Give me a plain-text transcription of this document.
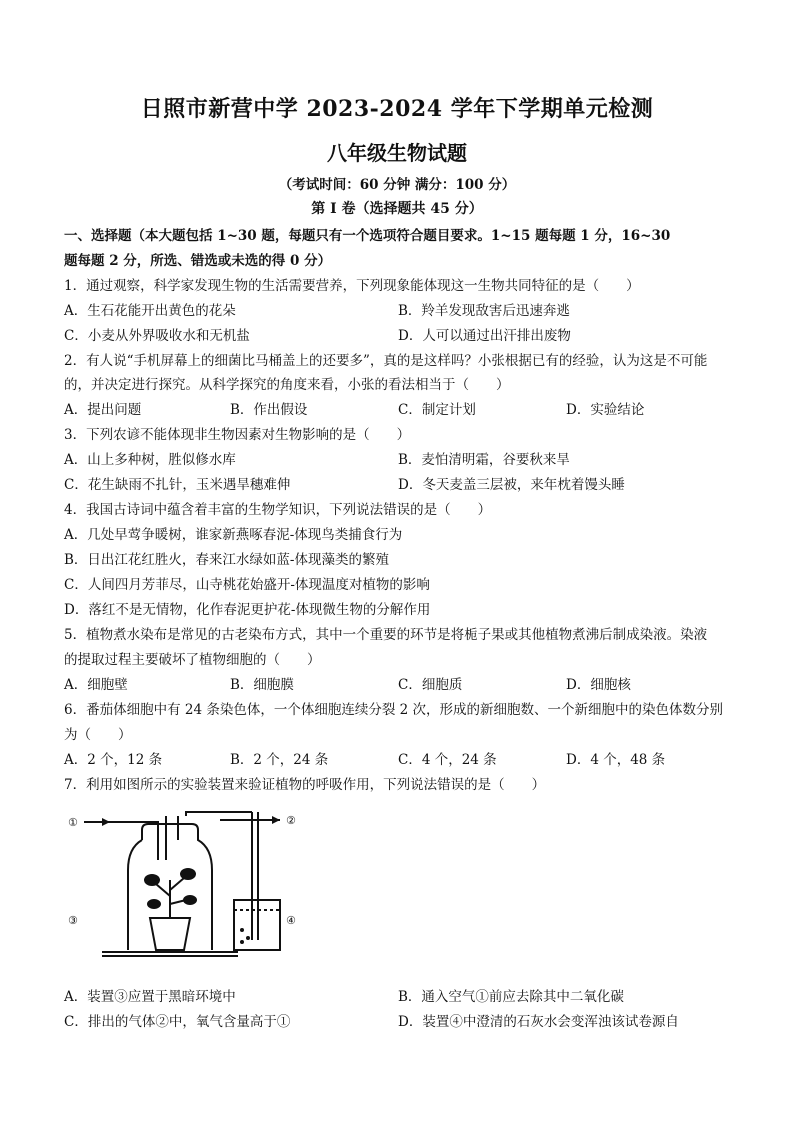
日照市新营中学 2023-2024 学年下学期单元检测
八年级生物试题
（考试时间：60 分钟 满分：100 分）
第 Ⅰ 卷（选择题共 45 分）
一、选择题（本大题包括 1~30 题，每题只有一个选项符合题目要求。1~15 题每题 1 分，16~30
题每题 2 分，所选、错选或未选的得 0 分）
1．通过观察，科学家发现生物的生活需要营养，下列现象能体现这一生物共同特征的是（　　）
A．生石花能开出黄色的花朵	B．羚羊发现敌害后迅速奔逃
C．小麦从外界吸收水和无机盐	D．人可以通过出汗排出废物
2．有人说“手机屏幕上的细菌比马桶盖上的还要多”，真的是这样吗？小张根据已有的经验，认为这是不可能
的，并决定进行探究。从科学探究的角度来看，小张的看法相当于（　　）
A．提出问题	B．作出假设	C．制定计划	D．实验结论
3．下列农谚不能体现非生物因素对生物影响的是（　　）
A．山上多种树，胜似修水库	B．麦怕清明霜，谷要秋来旱
C．花生缺雨不扎针，玉米遇旱穗难伸	D．冬天麦盖三层被，来年枕着馒头睡
4．我国古诗词中蕴含着丰富的生物学知识，下列说法错误的是（　　）
A．几处早莺争暖树，谁家新燕啄春泥-体现鸟类捕食行为
B．日出江花红胜火，春来江水绿如蓝-体现藻类的繁殖
C．人间四月芳菲尽，山寺桃花始盛开-体现温度对植物的影响
D．落红不是无情物，化作春泥更护花-体现微生物的分解作用
5．植物煮水染布是常见的古老染布方式，其中一个重要的环节是将栀子果或其他植物煮沸后制成染液。染液
的提取过程主要破坏了植物细胞的（　　）
A．细胞壁	B．细胞膜	C．细胞质	D．细胞核
6．番茄体细胞中有 24 条染色体，一个体细胞连续分裂 2 次，形成的新细胞数、一个新细胞中的染色体数分别
为（　　）
A．2 个，12 条	B．2 个，24 条	C．4 个，24 条	D．4 个，48 条
7．利用如图所示的实验装置来验证植物的呼吸作用，下列说法错误的是（　　）
①	②
③	④
A．装置③应置于黑暗环境中	B．通入空气①前应去除其中二氧化碳
C．排出的气体②中，氧气含量高于①	D．装置④中澄清的石灰水会变浑浊该试卷源自
